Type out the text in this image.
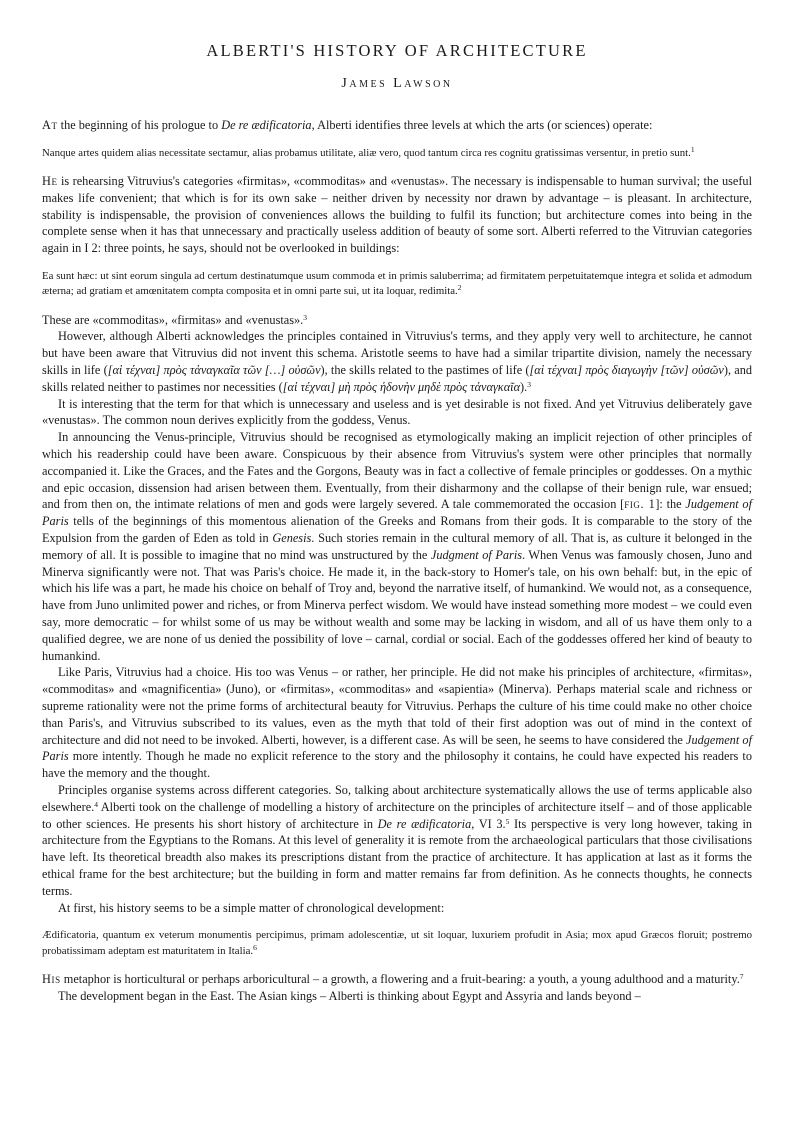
ALBERTI'S HISTORY OF ARCHITECTURE
James Lawson

At the beginning of his prologue to De re ædificatoria, Alberti identifies three levels at which the arts (or sciences) operate:

Nanque artes quidem alias necessitate sectamur, alias probamus utilitate, aliæ vero, quod tantum circa res cognitu gratissimas versentur, in pretio sunt.$^1$

He is rehearsing Vitruvius's categories «firmitas», «commoditas» and «venustas». The necessary is indispensable to human survival; the useful makes life convenient; that which is for its own sake – neither driven by necessity nor drawn by advantage – is pleasant. In architecture, stability is indispensable, the provision of conveniences allows the building to fulfil its function; but architecture comes into being in the complete sense when it has that unnecessary and practically useless addition of beauty of some sort. Alberti referred to the Vitruvian categories again in I 2: three points, he says, should not be overlooked in buildings:

Ea sunt hæc: ut sint eorum singula ad certum destinatumque usum commoda et in primis saluberrima; ad firmitatem perpetuitatemque integra et solida et admodum æterna; ad gratiam et amœnitatem compta composita et in omni parte sui, ut ita loquar, redimita.$^2$

These are «commoditas», «firmitas» and «venustas».$^3$

However, although Alberti acknowledges the principles contained in Vitruvius's terms, and they apply very well to architecture, he cannot but have been aware that Vitruvius did not invent this schema. Aristotle seems to have had a similar tripartite division, namely the necessary skills in life ([αἱ τέχναι] πρὸς τἀναγκαῖα τῶν […] οὐσῶν), the skills related to the pastimes of life ([αἱ τέχναι] πρὸς διαγωγὴν [τῶν] οὐσῶν), and skills related neither to pastimes nor necessities ([αἱ τέχναι] μὴ πρὸς ἡδονὴν μηδὲ πρὸς τἀναγκαῖα).$^3$

It is interesting that the term for that which is unnecessary and useless and is yet desirable is not fixed. And yet Vitruvius deliberately gave «venustas». The common noun derives explicitly from the goddess, Venus.

In announcing the Venus-principle, Vitruvius should be recognised as etymologically making an implicit rejection of other principles of which his readership could have been aware. Conspicuous by their absence from Vitruvius's system were other principles that normally accompanied it. Like the Graces, and the Fates and the Gorgons, Beauty was in fact a collective of female principles or goddesses. On a mythic and epic occasion, dissension had arisen between them. Eventually, from their disharmony and the collapse of their benign rule, war ensued; and from then on, the intimate relations of men and gods were largely severed. A tale commemorated the occasion [fig. 1]: the Judgement of Paris tells of the beginnings of this momentous alienation of the Greeks and Romans from their gods. It is comparable to the story of the Expulsion from the garden of Eden as told in Genesis. Such stories remain in the cultural memory of all. That is, as culture it belonged in the memory of all. It is possible to imagine that no mind was unstructured by the Judgment of Paris. When Venus was famously chosen, Juno and Minerva significantly were not. That was Paris's choice. He made it, in the back-story to Homer's tale, on his own behalf: but, in the epic of which his life was a part, he made his choice on behalf of Troy and, beyond the narrative itself, of humankind. We would not, as a consequence, have from Juno unlimited power and riches, or from Minerva perfect wisdom. We would have instead something more modest – we could even say, more democratic – for whilst some of us may be without wealth and some may be lacking in wisdom, and all of us have them only to a qualified degree, we are none of us denied the possibility of love – carnal, cordial or social. Each of the goddesses offered her kind of beauty to humankind.

Like Paris, Vitruvius had a choice. His too was Venus – or rather, her principle. He did not make his principles of architecture, «firmitas», «commoditas» and «magnificentia» (Juno), or «firmitas», «commoditas» and «sapientia» (Minerva). Perhaps material scale and richness or supreme rationality were not the prime forms of architectural beauty for Vitruvius. Perhaps the culture of his time could make no other choice than Paris's, and Vitruvius subscribed to its values, even as the myth that told of their first adoption was out of mind in the context of architecture and did not need to be invoked. Alberti, however, is a different case. As will be seen, he seems to have considered the Judgement of Paris more intently. Though he made no explicit reference to the story and the philosophy it contains, he could have expected his readers to have the memory and the thought.

Principles organise systems across different categories. So, talking about architecture systematically allows the use of terms applicable also elsewhere.$^4$ Alberti took on the challenge of modelling a history of architecture on the principles of architecture itself – and of those applicable to other sciences. He presents his short history of architecture in De re ædificatoria, VI 3.$^5$ Its perspective is very long however, taking in architecture from the Egyptians to the Romans. At this level of generality it is remote from the archaeological particulars that those civilisations have left. Its theoretical breadth also makes its prescriptions distant from the practice of architecture. It has application at last as it forms the ethical frame for the best architecture; but the building in form and matter remains far from definition. As he connects thoughts, he connects terms.

At first, his history seems to be a simple matter of chronological development:

Ædificatoria, quantum ex veterum monumentis percipimus, primam adolescentiæ, ut sit loquar, luxuriem profudit in Asia; mox apud Græcos floruit; postremo probatissimam adeptam est maturitatem in Italia.$^6$

His metaphor is horticultural or perhaps arboricultural – a growth, a flowering and a fruit-bearing: a youth, a young adulthood and a maturity.$^7$

The development began in the East. The Asian kings – Alberti is thinking about Egypt and Assyria and lands beyond –
